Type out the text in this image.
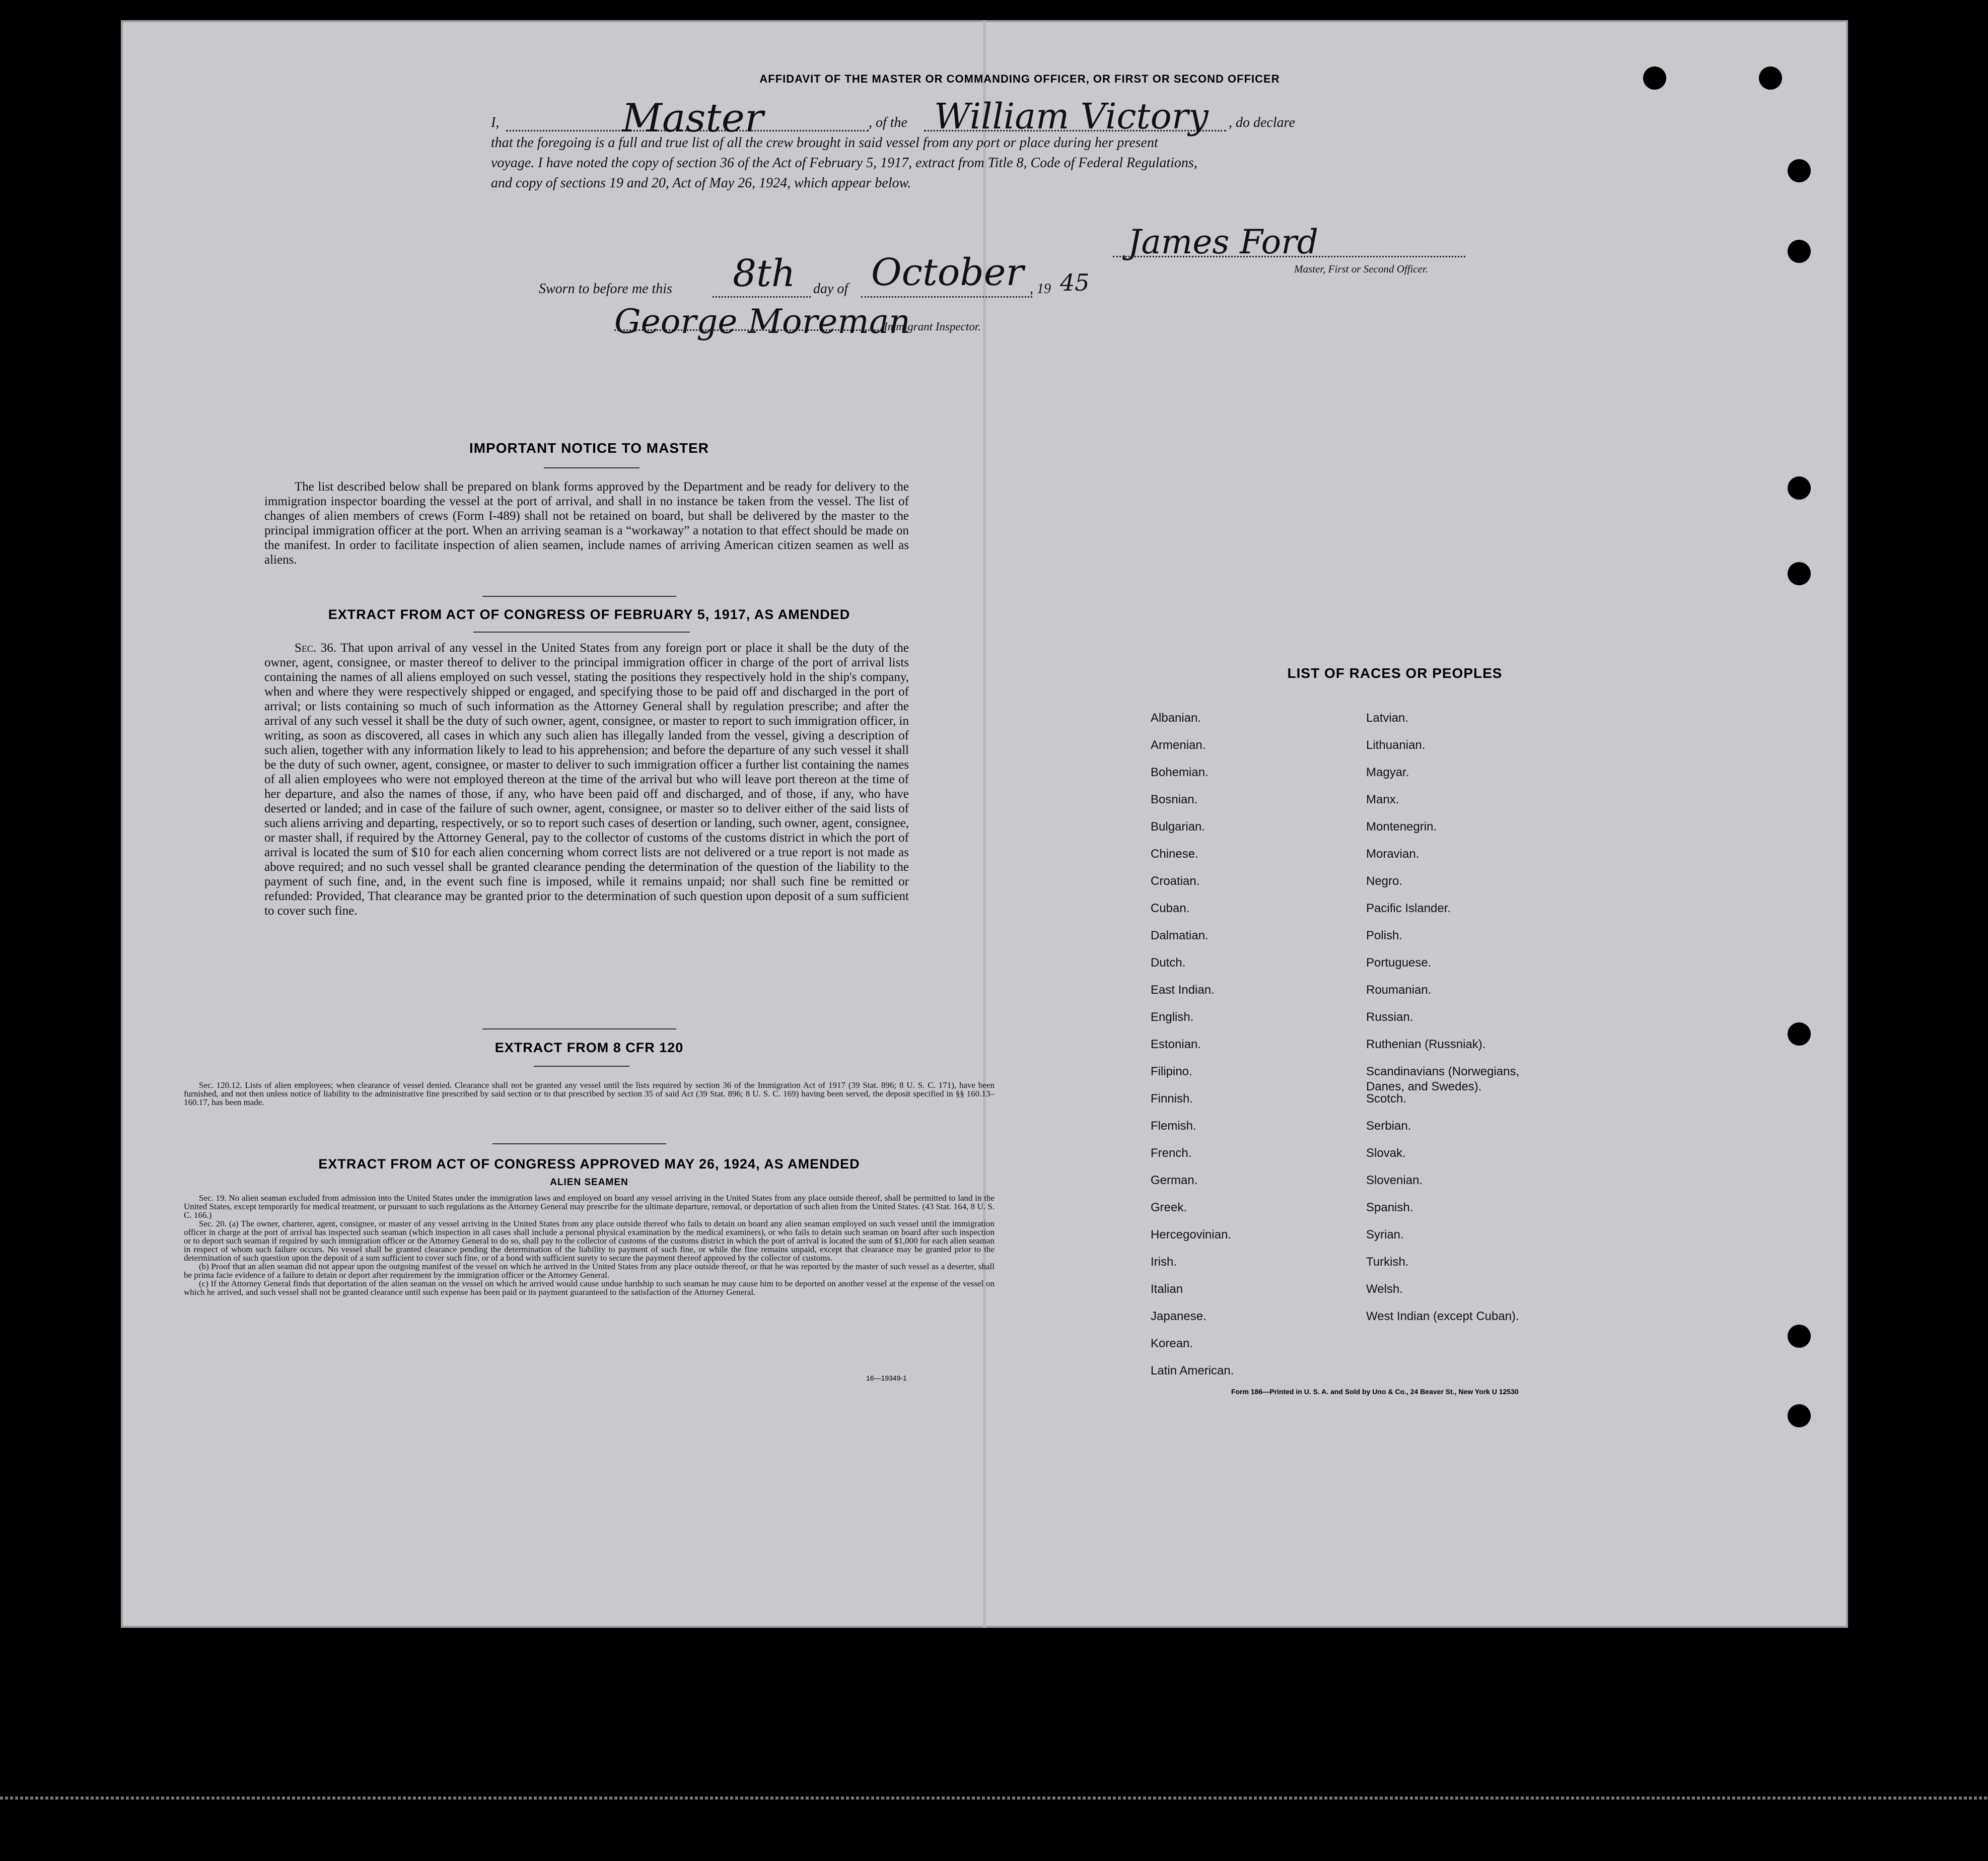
AFFIDAVIT OF THE MASTER OR COMMANDING OFFICER, OR FIRST OR SECOND OFFICER
I,	Master	, of the William Victory , do declare
that the foregoing is a full and true list of all the crew brought in said vessel from any port or place during her present
voyage. I have noted the copy of section 36 of the Act of February 5, 1917, extract from Title 8, Code of Federal Regulations,
and copy of sections 19 and 20, Act of May 26, 1924, which appear below.
Sworn to before me this 8th day of October , 19 45
James Ford
Master, First or Second Officer.
George Moreman
Immigrant Inspector.
IMPORTANT NOTICE TO MASTER
The list described below shall be prepared on blank forms approved by the Department and be ready for delivery to the immigration inspector boarding the vessel at the port of arrival, and shall in no instance be taken from the vessel. The list of changes of alien members of crews (Form I-489) shall not be retained on board, but shall be delivered by the master to the principal immigration officer at the port. When an arriving seaman is a “workaway” a notation to that effect should be made on the manifest. In order to facilitate inspection of alien seamen, include names of arriving American citizen seamen as well as aliens.
EXTRACT FROM ACT OF CONGRESS OF FEBRUARY 5, 1917, AS AMENDED
Sec. 36. That upon arrival of any vessel in the United States from any foreign port or place it shall be the duty of the owner, agent, consignee, or master thereof to deliver to the principal immigration officer in charge of the port of arrival lists containing the names of all aliens employed on such vessel, stating the positions they respectively hold in the ship's company, when and where they were respectively shipped or engaged, and specifying those to be paid off and discharged in the port of arrival; or lists containing so much of such information as the Attorney General shall by regulation prescribe; and after the arrival of any such vessel it shall be the duty of such owner, agent, consignee, or master to report to such immigration officer, in writing, as soon as discovered, all cases in which any such alien has illegally landed from the vessel, giving a description of such alien, together with any information likely to lead to his apprehension; and before the departure of any such vessel it shall be the duty of such owner, agent, consignee, or master to deliver to such immigration officer a further list containing the names of all alien employees who were not employed thereon at the time of the arrival but who will leave port thereon at the time of her departure, and also the names of those, if any, who have been paid off and discharged, and of those, if any, who have deserted or landed; and in case of the failure of such owner, agent, consignee, or master so to deliver either of the said lists of such aliens arriving and departing, respectively, or so to report such cases of desertion or landing, such owner, agent, consignee, or master shall, if required by the Attorney General, pay to the collector of customs of the customs district in which the port of arrival is located the sum of $10 for each alien concerning whom correct lists are not delivered or a true report is not made as above required; and no such vessel shall be granted clearance pending the determination of the question of the liability to the payment of such fine, and, in the event such fine is imposed, while it remains unpaid; nor shall such fine be remitted or refunded: Provided, That clearance may be granted prior to the determination of such question upon deposit of a sum sufficient to cover such fine.
EXTRACT FROM 8 CFR 120
Sec. 120.12. Lists of alien employees; when clearance of vessel denied. Clearance shall not be granted any vessel until the lists required by section 36 of the Immigration Act of 1917 (39 Stat. 896; 8 U. S. C. 171), have been furnished, and not then unless notice of liability to the administrative fine prescribed by said section or to that prescribed by section 35 of said Act (39 Stat. 896; 8 U. S. C. 169) having been served, the deposit specified in §§ 160.13–160.17, has been made.
EXTRACT FROM ACT OF CONGRESS APPROVED MAY 26, 1924, AS AMENDED
ALIEN SEAMEN
Sec. 19. No alien seaman excluded from admission into the United States under the immigration laws and employed on board any vessel arriving in the United States from any place outside thereof, shall be permitted to land in the United States, except temporarily for medical treatment, or pursuant to such regulations as the Attorney General may prescribe for the ultimate departure, removal, or deportation of such alien from the United States. (43 Stat. 164, 8 U. S. C. 166.)
Sec. 20. (a) The owner, charterer, agent, consignee, or master of any vessel arriving in the United States from any place outside thereof who fails to detain on board any alien seaman employed on such vessel until the immigration officer in charge at the port of arrival has inspected such seaman (which inspection in all cases shall include a personal physical examination by the medical examiners), or who fails to detain such seaman on board after such inspection or to deport such seaman if required by such immigration officer or the Attorney General to do so, shall pay to the collector of customs of the customs district in which the port of arrival is located the sum of $1,000 for each alien seaman in respect of whom such failure occurs. No vessel shall be granted clearance pending the determination of the liability to payment of such fine, or while the fine remains unpaid, except that clearance may be granted prior to the determination of such question upon the deposit of a sum sufficient to cover such fine, or of a bond with sufficient surety to secure the payment thereof approved by the collector of customs.
(b) Proof that an alien seaman did not appear upon the outgoing manifest of the vessel on which he arrived in the United States from any place outside thereof, or that he was reported by the master of such vessel as a deserter, shall be prima facie evidence of a failure to detain or deport after requirement by the immigration officer or the Attorney General.
(c) If the Attorney General finds that deportation of the alien seaman on the vessel on which he arrived would cause undue hardship to such seaman he may cause him to be deported on another vessel at the expense of the vessel on which he arrived, and such vessel shall not be granted clearance until such expense has been paid or its payment guaranteed to the satisfaction of the Attorney General.
16—19349-1
LIST OF RACES OR PEOPLES
Albanian.
Armenian.
Bohemian.
Bosnian.
Bulgarian.
Chinese.
Croatian.
Cuban.
Dalmatian.
Dutch.
East Indian.
English.
Estonian.
Filipino.
Finnish.
Flemish.
French.
German.
Greek.
Hercegovinian.
Irish.
Italian
Japanese.
Korean.
Latin American.
Latvian.
Lithuanian.
Magyar.
Manx.
Montenegrin.
Moravian.
Negro.
Pacific Islander.
Polish.
Portuguese.
Roumanian.
Russian.
Ruthenian (Russniak).
Scandinavians (Norwegians,
Danes, and Swedes).
Scotch.
Serbian.
Slovak.
Slovenian.
Spanish.
Syrian.
Turkish.
Welsh.
West Indian (except Cuban).
Form 186—Printed in U. S. A. and Sold by Uno & Co., 24 Beaver St., New York U 12530
